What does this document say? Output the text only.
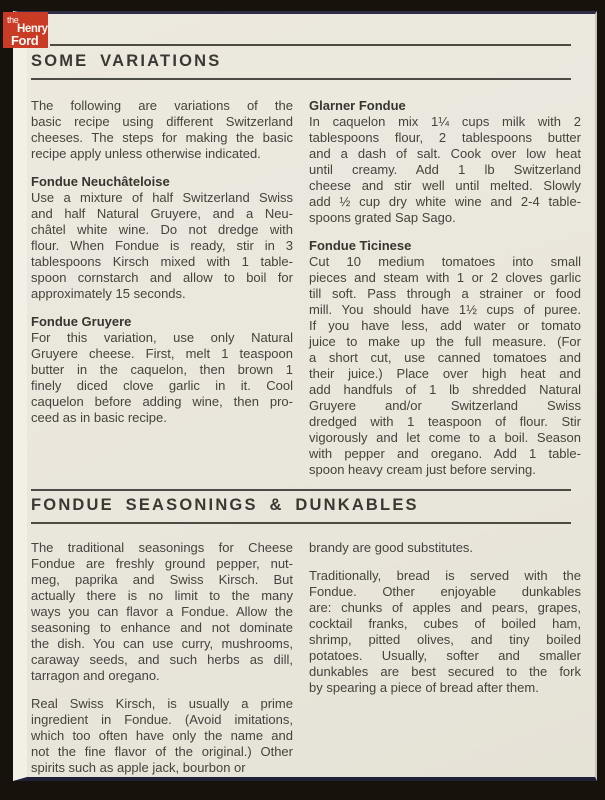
the
Henry
Ford
SOME VARIATIONS
The following are variations of the
basic recipe using different Switzerland
cheeses. The steps for making the basic
recipe apply unless otherwise indicated.
Fondue Neuchâteloise
Use a mixture of half Switzerland Swiss
and half Natural Gruyere, and a Neu-
châtel white wine. Do not dredge with
flour. When Fondue is ready, stir in 3
tablespoons Kirsch mixed with 1 table-
spoon cornstarch and allow to boil for
approximately 15 seconds.
Fondue Gruyere
For this variation, use only Natural
Gruyere cheese. First, melt 1 teaspoon
butter in the caquelon, then brown 1
finely diced clove garlic in it. Cool
caquelon before adding wine, then pro-
ceed as in basic recipe.
Glarner Fondue
In caquelon mix 1¼ cups milk with 2
tablespoons flour, 2 tablespoons butter
and a dash of salt. Cook over low heat
until creamy. Add 1 lb Switzerland
cheese and stir well until melted. Slowly
add ½ cup dry white wine and 2-4 table-
spoons grated Sap Sago.
Fondue Ticinese
Cut 10 medium tomatoes into small
pieces and steam with 1 or 2 cloves garlic
till soft. Pass through a strainer or food
mill. You should have 1½ cups of puree.
If you have less, add water or tomato
juice to make up the full measure. (For
a short cut, use canned tomatoes and
their juice.) Place over high heat and
add handfuls of 1 lb shredded Natural
Gruyere and/or Switzerland Swiss
dredged with 1 teaspoon of flour. Stir
vigorously and let come to a boil. Season
with pepper and oregano. Add 1 table-
spoon heavy cream just before serving.
FONDUE SEASONINGS & DUNKABLES
The traditional seasonings for Cheese
Fondue are freshly ground pepper, nut-
meg, paprika and Swiss Kirsch. But
actually there is no limit to the many
ways you can flavor a Fondue. Allow the
seasoning to enhance and not dominate
the dish. You can use curry, mushrooms,
caraway seeds, and such herbs as dill,
tarragon and oregano.
Real Swiss Kirsch, is usually a prime
ingredient in Fondue. (Avoid imitations,
which too often have only the name and
not the fine flavor of the original.) Other
spirits such as apple jack, bourbon or
brandy are good substitutes.
Traditionally, bread is served with the
Fondue. Other enjoyable dunkables
are: chunks of apples and pears, grapes,
cocktail franks, cubes of boiled ham,
shrimp, pitted olives, and tiny boiled
potatoes. Usually, softer and smaller
dunkables are best secured to the fork
by spearing a piece of bread after them.
